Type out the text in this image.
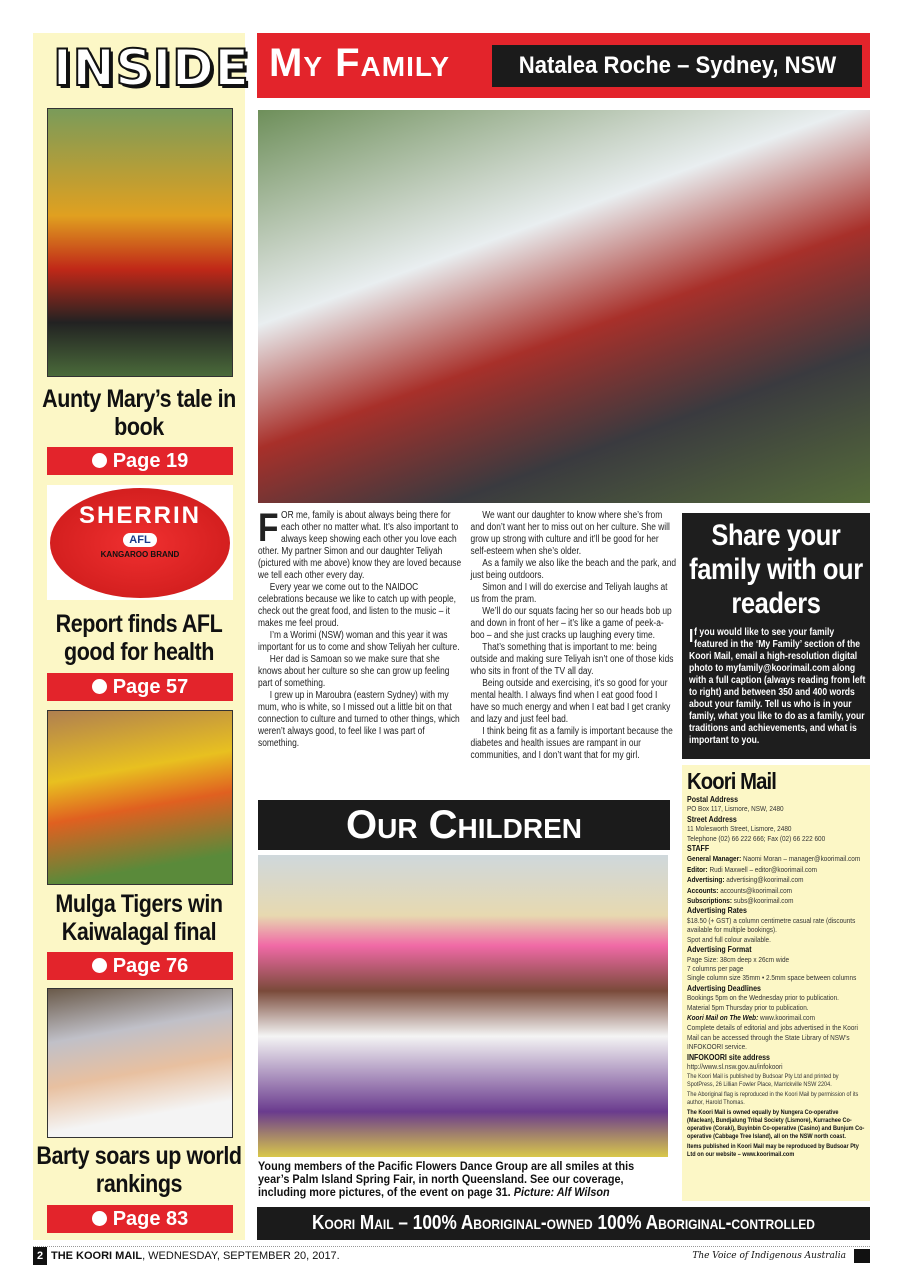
INSIDE
Aunty Mary’s tale in book
Page 19
SHERRIN
AFL
KANGAROO BRAND
Report finds AFL good for health
Page 57
Mulga Tigers win Kaiwalagal final
Page 76
Barty soars up world rankings
Page 83
My Family	Natalea Roche – Sydney, NSW

FOR me, family is about always being there for each other no matter what. It’s also important to always keep showing each other you love each other. My partner Simon and our daughter Teliyah (pictured with me above) know they are loved because we tell each other every day.

Every year we come out to the NAIDOC celebrations because we like to catch up with people, check out the great food, and listen to the music – it makes me feel proud.

I’m a Worimi (NSW) woman and this year it was important for us to come and show Teliyah her culture.

Her dad is Samoan so we make sure that she knows about her culture so she can grow up feeling part of something.

I grew up in Maroubra (eastern Sydney) with my mum, who is white, so I missed out a little bit on that connection to culture and turned to other things, which weren’t always good, to feel like I was part of something.

We want our daughter to know where she’s from and don’t want her to miss out on her culture. She will grow up strong with culture and it’ll be good for her self-esteem when she’s older.

As a family we also like the beach and the park, and just being outdoors.

Simon and I will do exercise and Teliyah laughs at us from the pram.

We’ll do our squats facing her so our heads bob up and down in front of her – it’s like a game of peek-a-boo – and she just cracks up laughing every time.

That’s something that is important to me: being outside and making sure Teliyah isn’t one of those kids who sits in front of the TV all day.

Being outside and exercising, it’s so good for your mental health. I always find when I eat good food I have so much energy and when I eat bad I get cranky and lazy and just feel bad.

I think being fit as a family is important because the diabetes and health issues are rampant in our communities, and I don’t want that for my girl.

Share your family with our readers

If you would like to see your family featured in the ‘My Family’ section of the Koori Mail, email a high-resolution digital photo to myfamily@koorimail.com along with a full caption (always reading from left to right) and between 350 and 400 words about your family. Tell us who is in your family, what you like to do as a family, your traditions and achievements, and what is important to you.

Koori Mail
Postal Address
PO Box 117, Lismore, NSW, 2480
Street Address
11 Molesworth Street, Lismore, 2480
Telephone (02) 66 222 666; Fax (02) 66 222 600
STAFF
General Manager: Naomi Moran – manager@koorimail.com
Editor: Rudi Maxwell – editor@koorimail.com
Advertising: advertising@koorimail.com
Accounts: accounts@koorimail.com
Subscriptions: subs@koorimail.com
Advertising Rates
$18.50 (+ GST) a column centimetre casual rate (discounts available for multiple bookings).
Spot and full colour available.
Advertising Format
Page Size: 38cm deep x 26cm wide
7 columns per page
Single column size 35mm • 2.5mm space between columns
Advertising Deadlines
Bookings 5pm on the Wednesday prior to publication.
Material 5pm Thursday prior to publication.
Koori Mail on The Web: www.koorimail.com
Complete details of editorial and jobs advertised in the Koori Mail can be accessed through the State Library of NSW’s INFOKOORI service.
INFOKOORI site address
http://www.sl.nsw.gov.au/infokoori
The Koori Mail is published by Budsoar Pty Ltd and printed by SpotPress, 26 Lillian Fowler Place, Marrickville NSW 2204.
The Aboriginal flag is reproduced in the Koori Mail by permission of its author, Harold Thomas.
The Koori Mail is owned equally by Nungera Co-operative (Maclean), Bundjalung Tribal Society (Lismore), Kurrachee Co-operative (Coraki), Buyinbin Co-operative (Casino) and Bunjum Co-operative (Cabbage Tree Island), all on the NSW north coast.
Items published in Koori Mail may be reproduced by Budsoar Pty Ltd on our website – www.koorimail.com
Our Children
Young members of the Pacific Flowers Dance Group are all smiles at this year’s Palm Island Spring Fair, in north Queensland. See our coverage, including more pictures, of the event on page 31. Picture: Alf Wilson
Koori Mail – 100% Aboriginal-owned 100% Aboriginal-controlled
2 THE KOORI MAIL, WEDNESDAY, SEPTEMBER 20, 2017.	The Voice of Indigenous Australia
